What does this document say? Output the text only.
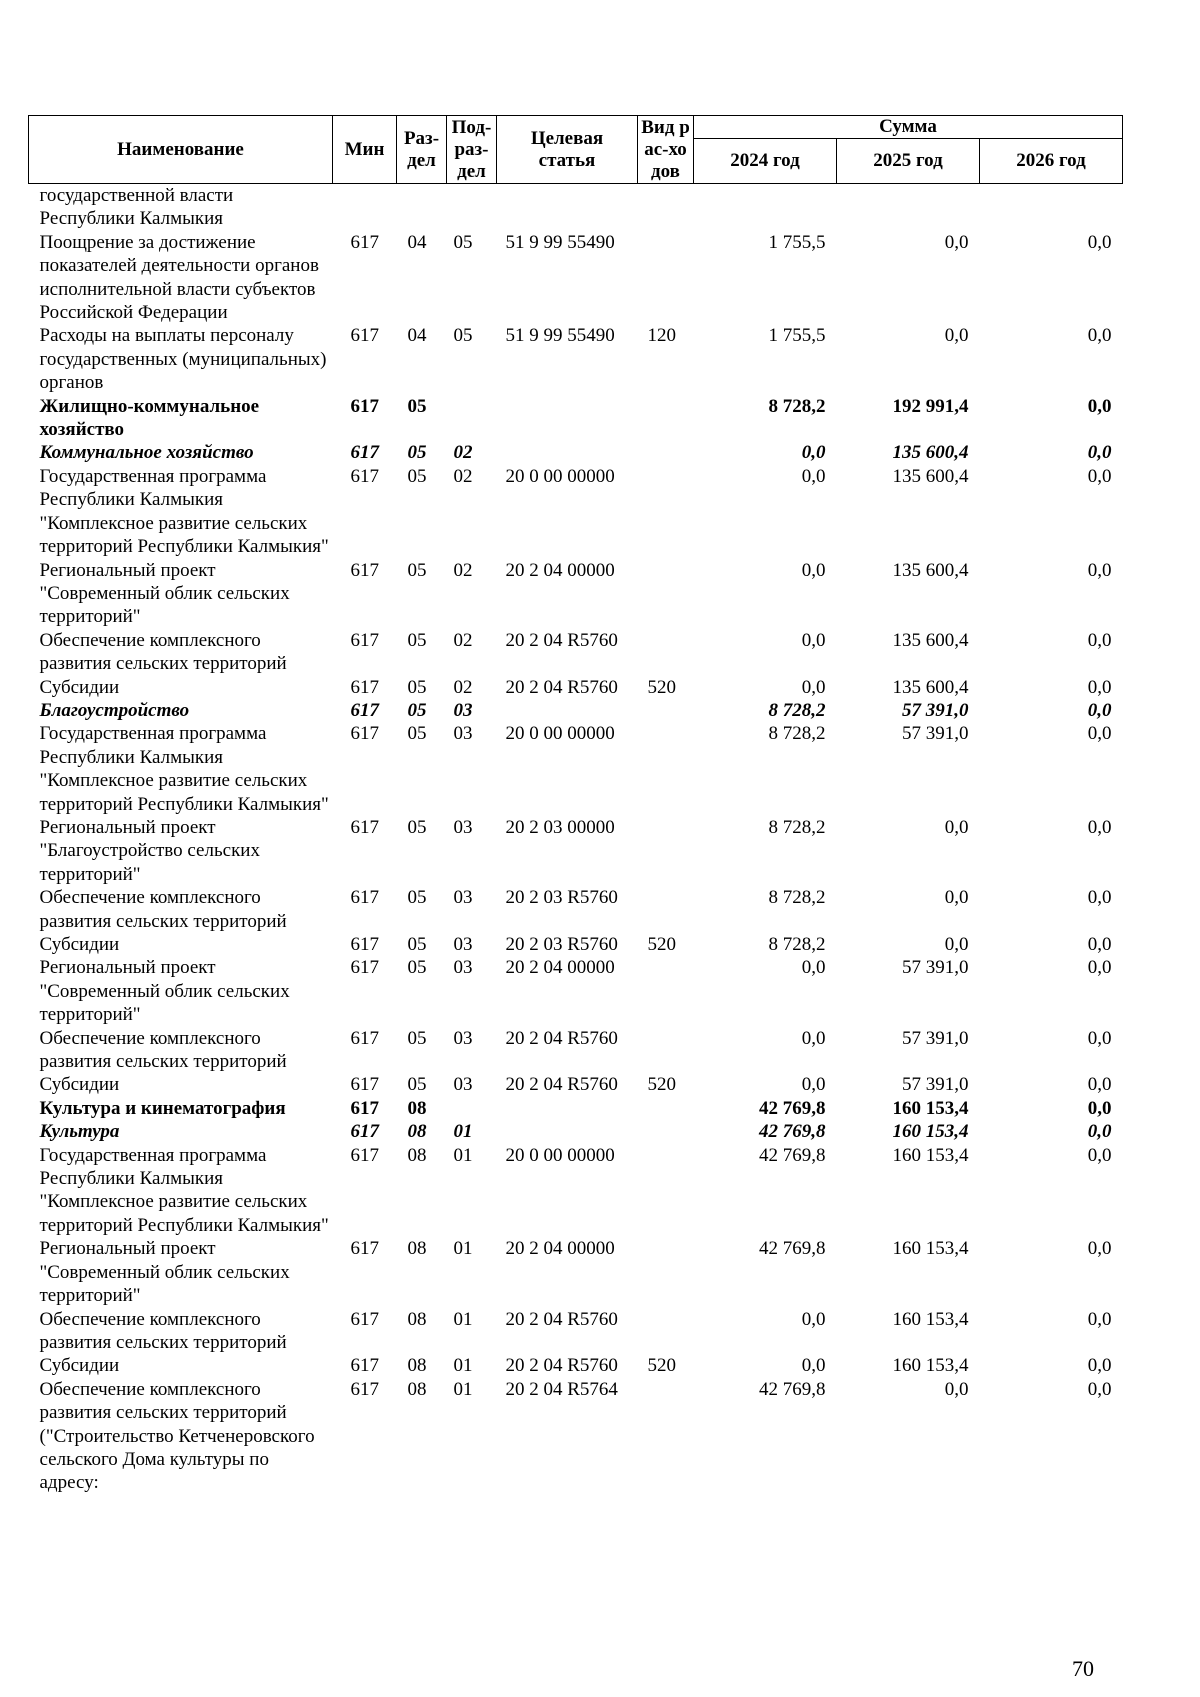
Наименование	Мин	Раз-дел	Под-раз-дел	Целевая статья	Вид рас-ходов	Сумма		
						2024 год	2025 год	2026 год
государственной власти Республики Калмыкия								
Поощрение за достижение показателей деятельности органов исполнительной власти субъектов Российской Федерации	617	04	05	51 9 99 55490		1 755,5	0,0	0,0
Расходы на выплаты персоналу государственных (муниципальных) органов	617	04	05	51 9 99 55490	120	1 755,5	0,0	0,0
Жилищно-коммунальное хозяйство	617	05				8 728,2	192 991,4	0,0
Коммунальное хозяйство	617	05	02			0,0	135 600,4	0,0
Государственная программа Республики Калмыкия "Комплексное развитие сельских территорий Республики Калмыкия"	617	05	02	20 0 00 00000		0,0	135 600,4	0,0
Региональный проект "Современный облик сельских территорий"	617	05	02	20 2 04 00000		0,0	135 600,4	0,0
Обеспечение комплексного развития сельских территорий	617	05	02	20 2 04 R5760		0,0	135 600,4	0,0
Субсидии	617	05	02	20 2 04 R5760	520	0,0	135 600,4	0,0
Благоустройство	617	05	03			8 728,2	57 391,0	0,0
Государственная программа Республики Калмыкия "Комплексное развитие сельских территорий Республики Калмыкия"	617	05	03	20 0 00 00000		8 728,2	57 391,0	0,0
Региональный проект "Благоустройство сельских территорий"	617	05	03	20 2 03 00000		8 728,2	0,0	0,0
Обеспечение комплексного развития сельских территорий	617	05	03	20 2 03 R5760		8 728,2	0,0	0,0
Субсидии	617	05	03	20 2 03 R5760	520	8 728,2	0,0	0,0
Региональный проект "Современный облик сельских территорий"	617	05	03	20 2 04 00000		0,0	57 391,0	0,0
Обеспечение комплексного развития сельских территорий	617	05	03	20 2 04 R5760		0,0	57 391,0	0,0
Субсидии	617	05	03	20 2 04 R5760	520	0,0	57 391,0	0,0
Культура и кинематография	617	08				42 769,8	160 153,4	0,0
Культура	617	08	01			42 769,8	160 153,4	0,0
Государственная программа Республики Калмыкия "Комплексное развитие сельских территорий Республики Калмыкия"	617	08	01	20 0 00 00000		42 769,8	160 153,4	0,0
Региональный проект "Современный облик сельских территорий"	617	08	01	20 2 04 00000		42 769,8	160 153,4	0,0
Обеспечение комплексного развития сельских территорий	617	08	01	20 2 04 R5760		0,0	160 153,4	0,0
Субсидии	617	08	01	20 2 04 R5760	520	0,0	160 153,4	0,0
Обеспечение комплексного развития сельских территорий ("Строительство Кетченеровского сельского Дома культуры по адресу:	617	08	01	20 2 04 R5764		42 769,8	0,0	0,0
70
